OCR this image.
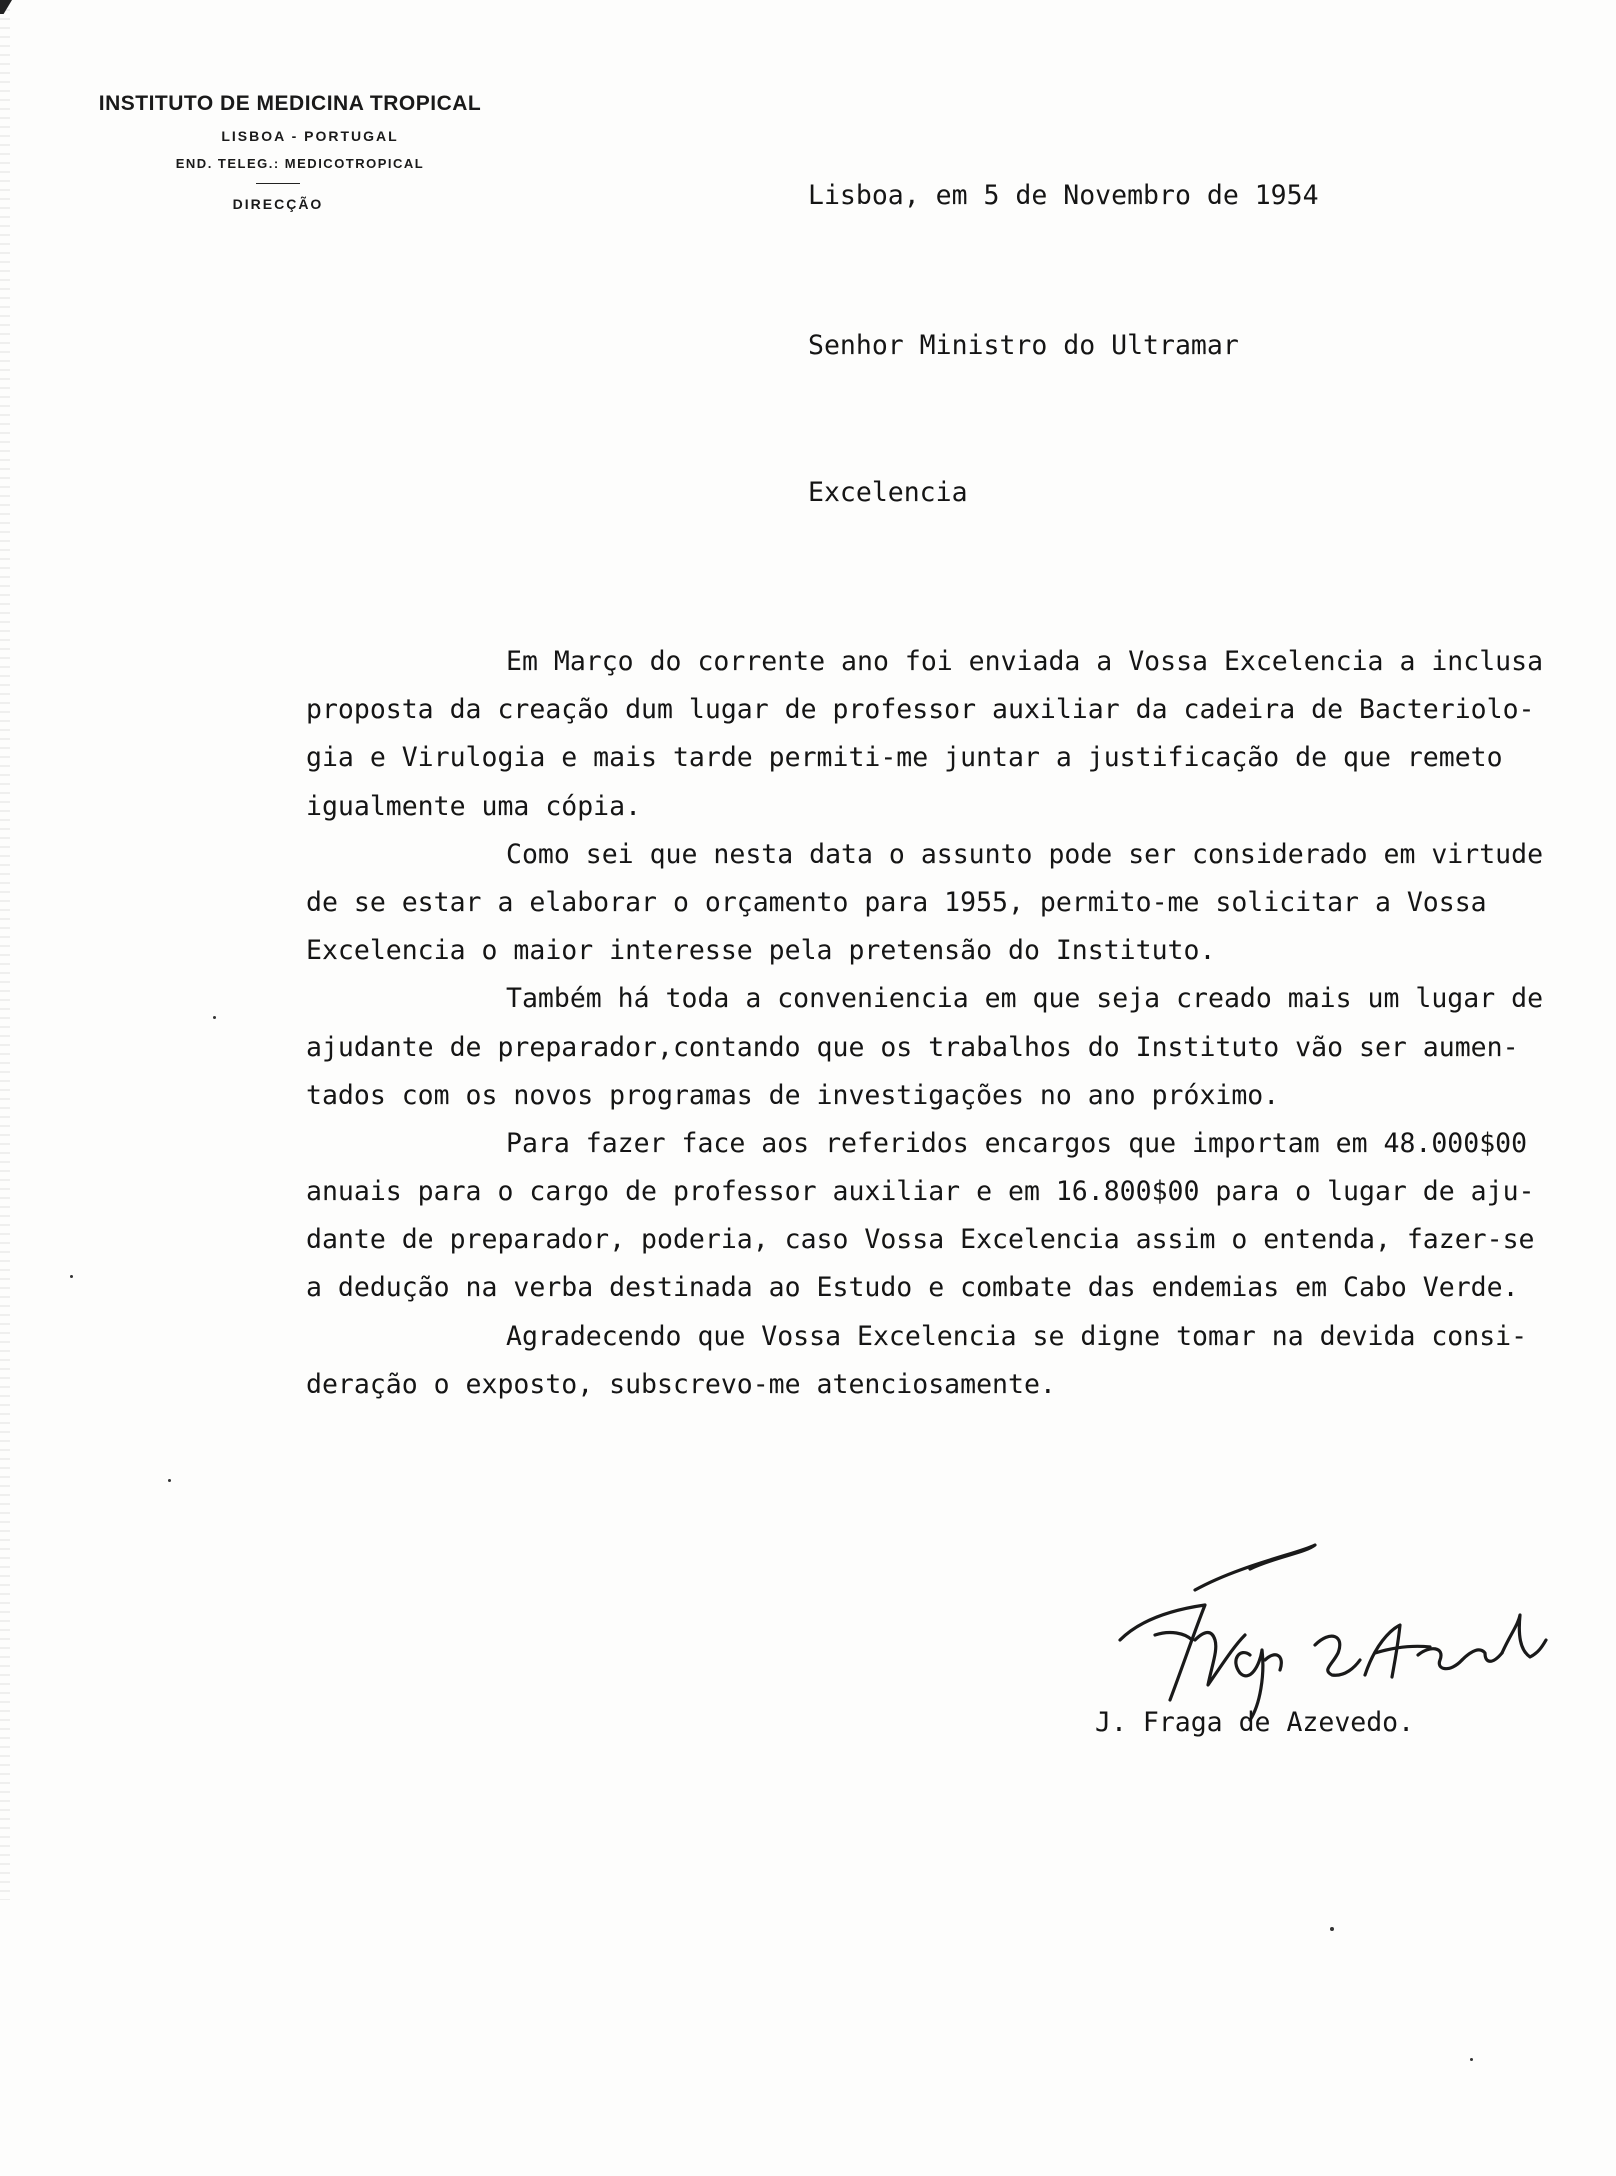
INSTITUTO DE MEDICINA TROPICAL
LISBOA - PORTUGAL
END. TELEG.: MEDICOTROPICAL
DIRECÇÃO	Lisboa, em 5 de Novembro de 1954
Senhor Ministro do Ultramar
Excelencia
Em Março do corrente ano foi enviada a Vossa Excelencia a inclusa
proposta da creação dum lugar de professor auxiliar da cadeira de Bacteriolo-
gia e Virulogia e mais tarde permiti-me juntar a justificação de que remeto
igualmente uma cópia.
Como sei que nesta data o assunto pode ser considerado em virtude
de se estar a elaborar o orçamento para 1955, permito-me solicitar a Vossa
Excelencia o maior interesse pela pretensão do Instituto.
Também há toda a conveniencia em que seja creado mais um lugar de
ajudante de preparador,contando que os trabalhos do Instituto vão ser aumen-
tados com os novos programas de investigações no ano próximo.
Para fazer face aos referidos encargos que importam em 48.000$00
anuais para o cargo de professor auxiliar e em 16.800$00 para o lugar de aju-
dante de preparador, poderia, caso Vossa Excelencia assim o entenda, fazer-se
a dedução na verba destinada ao Estudo e combate das endemias em Cabo Verde.
Agradecendo que Vossa Excelencia se digne tomar na devida consi-
deração o exposto, subscrevo-me atenciosamente.
J. Fraga de Azevedo.
